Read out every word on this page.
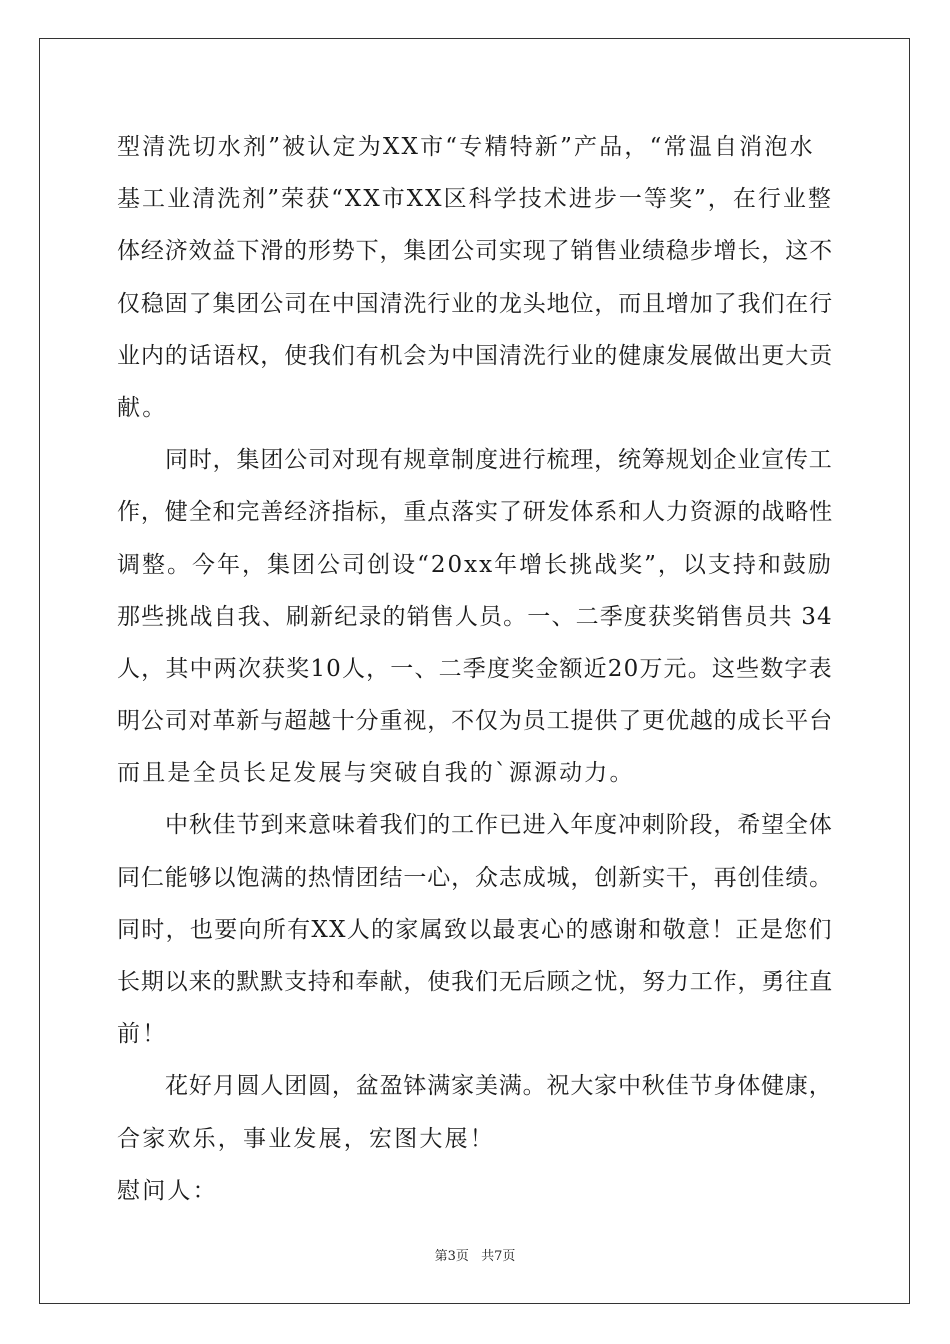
型清洗切水剂”被认定为XX市“专精特新”产品，“常温自消泡水
基工业清洗剂”荣获“XX市XX区科学技术进步一等奖”，在行业整
体经济效益下滑的形势下，集团公司实现了销售业绩稳步增长，这不
仅稳固了集团公司在中国清洗行业的龙头地位，而且增加了我们在行
业内的话语权，使我们有机会为中国清洗行业的健康发展做出更大贡
献。
同时，集团公司对现有规章制度进行梳理，统筹规划企业宣传工
作，健全和完善经济指标，重点落实了研发体系和人力资源的战略性
调整。今年，集团公司创设“20xx年增长挑战奖”，以支持和鼓励
那些挑战自我、刷新纪录的销售人员。一、二季度获奖销售员共 34
人，其中两次获奖10人，一、二季度奖金额近20万元。这些数字表
明公司对革新与超越十分重视，不仅为员工提供了更优越的成长平台
而且是全员长足发展与突破自我的`源源动力。
中秋佳节到来意味着我们的工作已进入年度冲刺阶段，希望全体
同仁能够以饱满的热情团结一心，众志成城，创新实干，再创佳绩。
同时，也要向所有XX人的家属致以最衷心的感谢和敬意！正是您们
长期以来的默默支持和奉献，使我们无后顾之忧，努力工作，勇往直
前！
花好月圆人团圆，盆盈钵满家美满。祝大家中秋佳节身体健康，
合家欢乐，事业发展，宏图大展！
慰问人：
第3页 共7页
